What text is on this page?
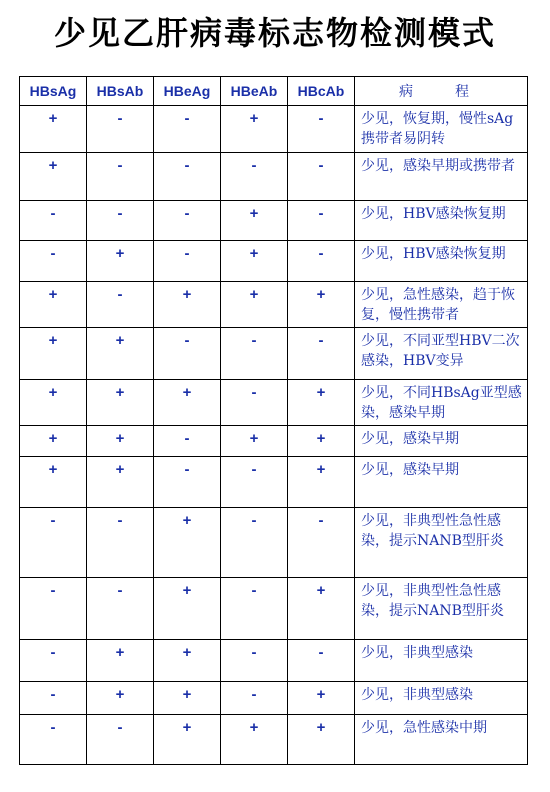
少见乙肝病毒标志物检测模式
HBsAg	HBsAb	HBeAg	HBeAb	HBcAb	病　程
+	-	-	+	-	少见，恢复期，慢性sAg携带者易阴转
+	-	-	-	-	少见，感染早期或携带者
-	-	-	+	-	少见，HBV感染恢复期
-	+	-	+	-	少见，HBV感染恢复期
+	-	+	+	+	少见，急性感染，趋于恢复，慢性携带者
+	+	-	-	-	少见，不同亚型HBV二次感染，HBV变异
+	+	+	-	+	少见，不同HBsAg亚型感染，感染早期
+	+	-	+	+	少见，感染早期
+	+	-	-	+	少见，感染早期
-	-	+	-	-	少见，非典型性急性感染，提示NANB型肝炎
-	-	+	-	+	少见，非典型性急性感染，提示NANB型肝炎
-	+	+	-	-	少见，非典型感染
-	+	+	-	+	少见，非典型感染
-	-	+	+	+	少见，急性感染中期
